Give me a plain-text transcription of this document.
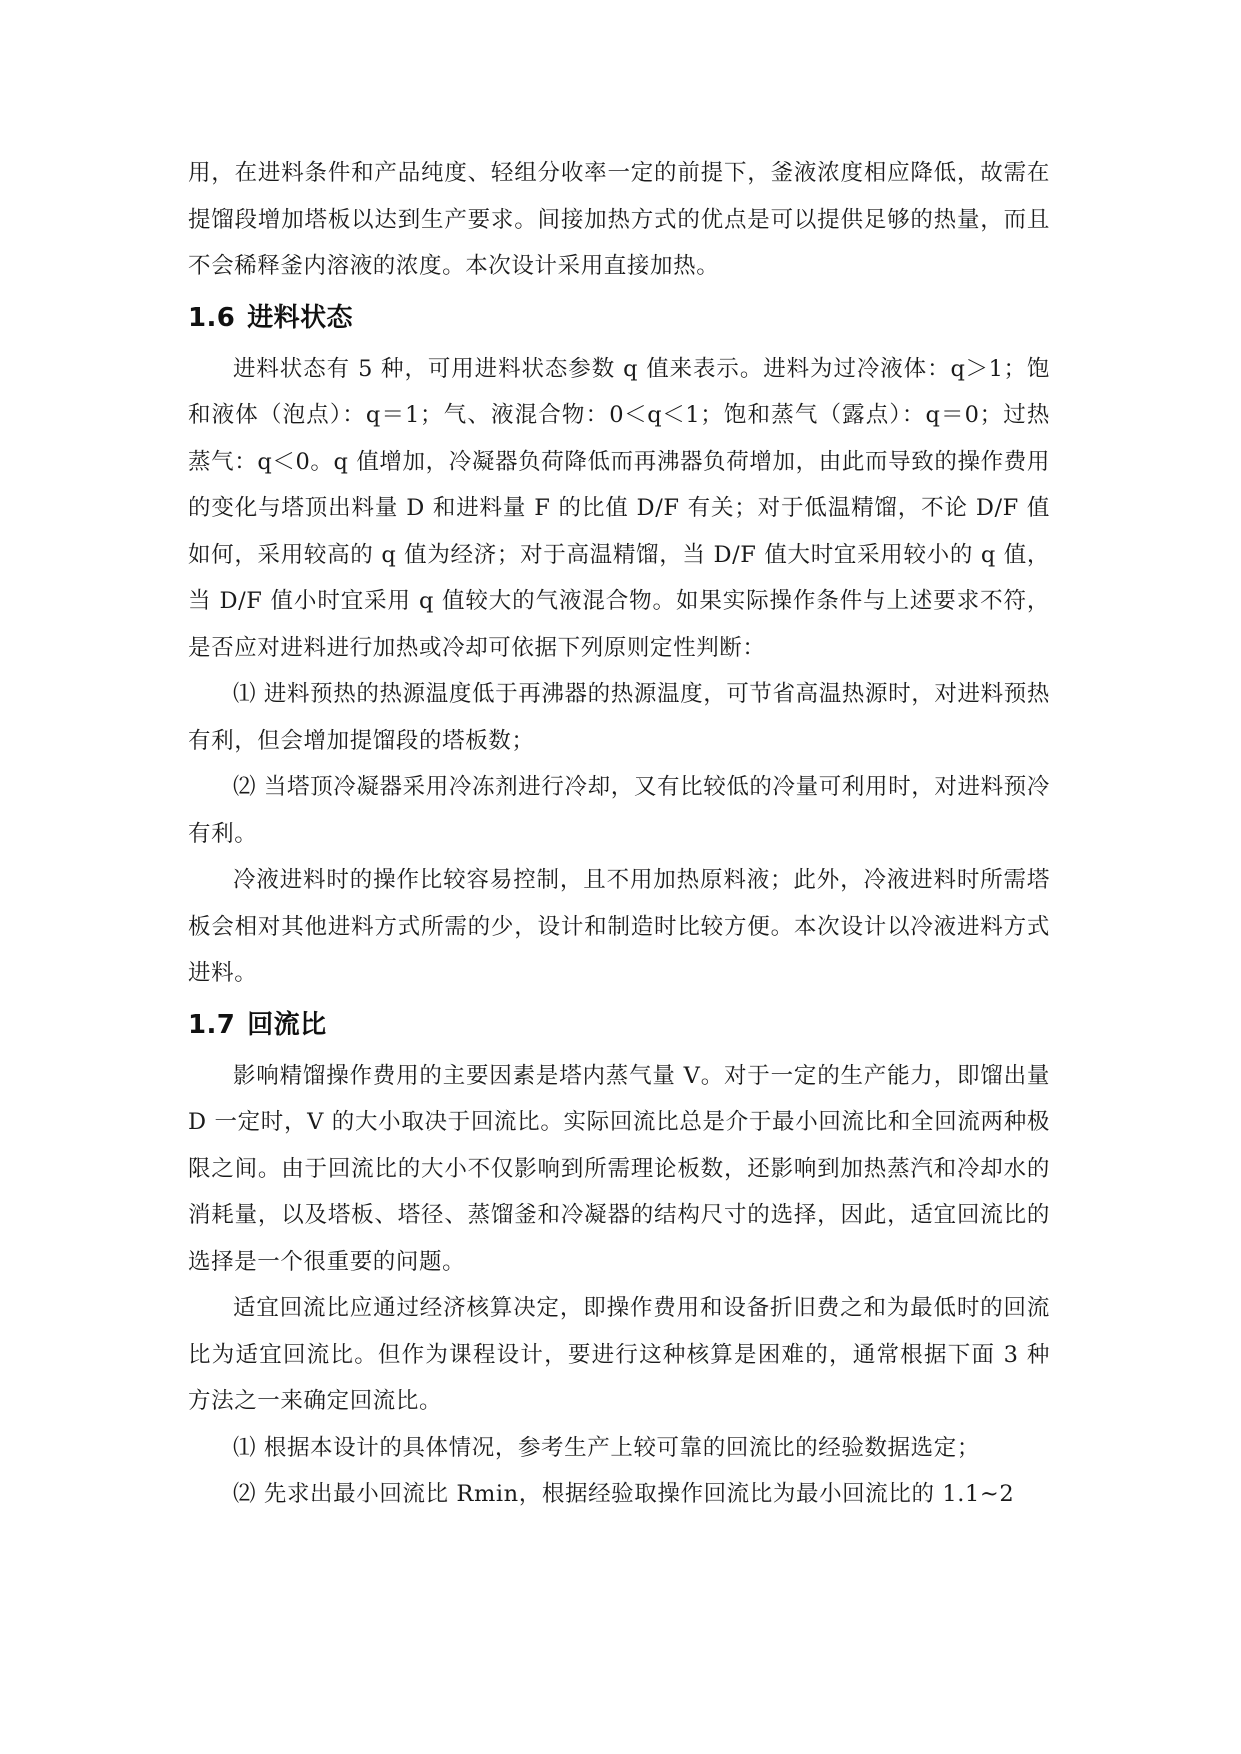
用，在进料条件和产品纯度、轻组分收率一定的前提下，釜液浓度相应降低，故需在提馏段增加塔板以达到生产要求。间接加热方式的优点是可以提供足够的热量，而且不会稀释釜内溶液的浓度。本次设计采用直接加热。

1.6 进料状态

进料状态有 5 种，可用进料状态参数 q 值来表示。进料为过冷液体：q＞1；饱和液体（泡点）：q＝1；气、液混合物：0＜q＜1；饱和蒸气（露点）：q＝0；过热蒸气：q＜0。q 值增加，冷凝器负荷降低而再沸器负荷增加，由此而导致的操作费用的变化与塔顶出料量 D 和进料量 F 的比值 D/F 有关；对于低温精馏，不论 D/F 值如何，采用较高的 q 值为经济；对于高温精馏，当 D/F 值大时宜采用较小的 q 值，当 D/F 值小时宜采用 q 值较大的气液混合物。如果实际操作条件与上述要求不符，是否应对进料进行加热或冷却可依据下列原则定性判断：

⑴ 进料预热的热源温度低于再沸器的热源温度，可节省高温热源时，对进料预热有利，但会增加提馏段的塔板数；

⑵ 当塔顶冷凝器采用冷冻剂进行冷却，又有比较低的冷量可利用时，对进料预冷有利。

冷液进料时的操作比较容易控制，且不用加热原料液；此外，冷液进料时所需塔板会相对其他进料方式所需的少，设计和制造时比较方便。本次设计以冷液进料方式进料。

1.7 回流比

影响精馏操作费用的主要因素是塔内蒸气量 V。对于一定的生产能力，即馏出量 D 一定时，V 的大小取决于回流比。实际回流比总是介于最小回流比和全回流两种极限之间。由于回流比的大小不仅影响到所需理论板数，还影响到加热蒸汽和冷却水的消耗量，以及塔板、塔径、蒸馏釜和冷凝器的结构尺寸的选择，因此，适宜回流比的选择是一个很重要的问题。

适宜回流比应通过经济核算决定，即操作费用和设备折旧费之和为最低时的回流比为适宜回流比。但作为课程设计，要进行这种核算是困难的，通常根据下面 3 种方法之一来确定回流比。

⑴ 根据本设计的具体情况，参考生产上较可靠的回流比的经验数据选定；

⑵ 先求出最小回流比 Rmin，根据经验取操作回流比为最小回流比的 1.1~2
